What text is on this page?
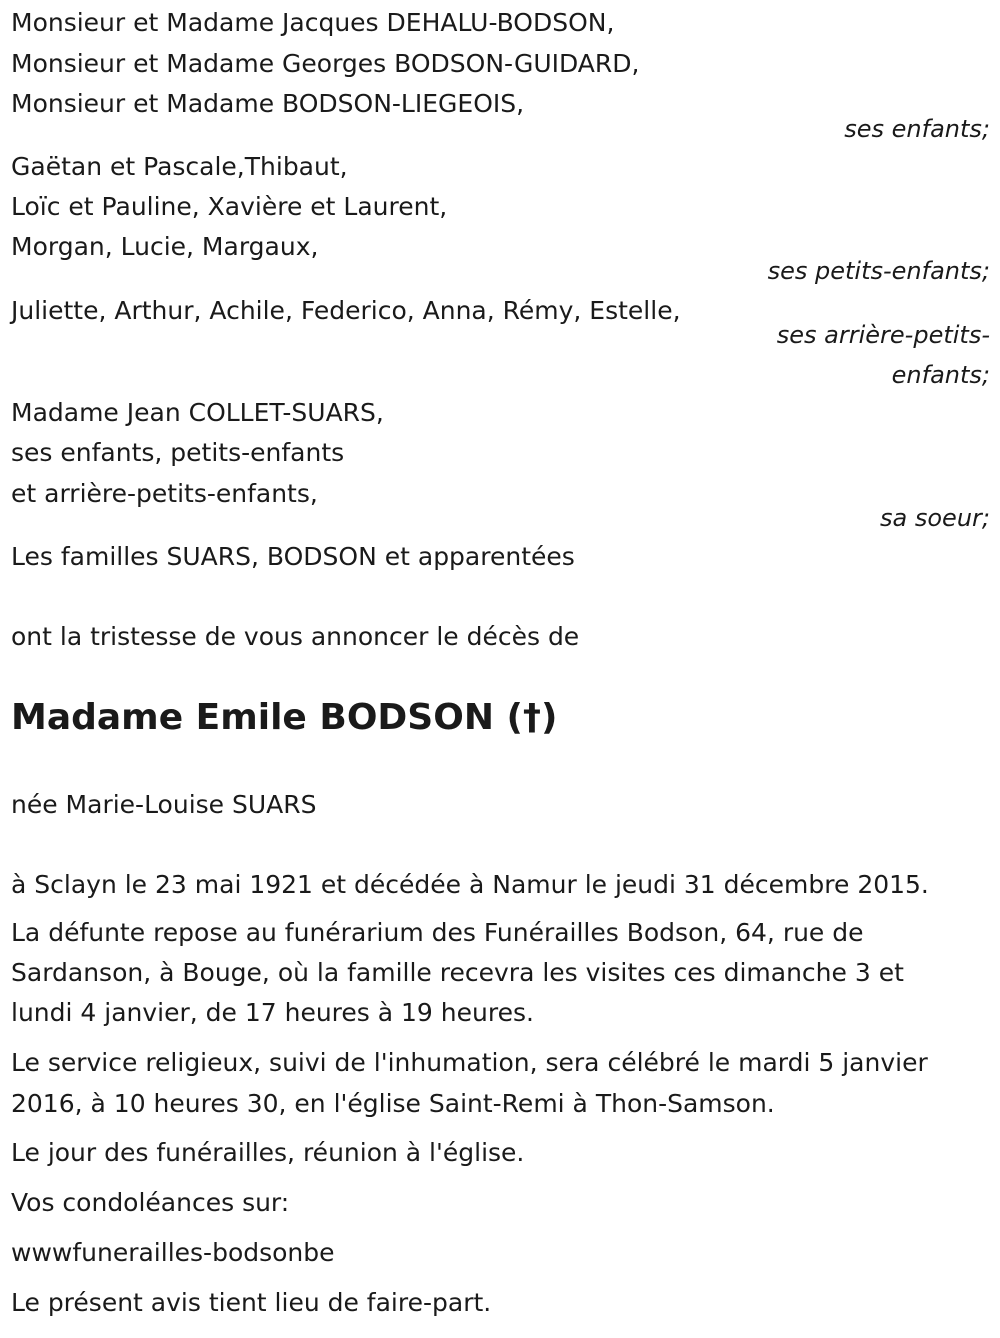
Monsieur et Madame Jacques DEHALU-BODSON,
Monsieur et Madame Georges BODSON-GUIDARD,
Monsieur et Madame BODSON-LIEGEOIS,
ses enfants;
Gaëtan et Pascale,Thibaut,
Loïc et Pauline, Xavière et Laurent,
Morgan, Lucie, Margaux,
ses petits-enfants;
Juliette, Arthur, Achile, Federico, Anna, Rémy, Estelle,
ses arrière-petits-
enfants;
Madame Jean COLLET-SUARS,
ses enfants, petits-enfants
et arrière-petits-enfants,
sa soeur;
Les familles SUARS, BODSON et apparentées
ont la tristesse de vous annoncer le décès de
Madame Emile BODSON (†)
née Marie-Louise SUARS
à Sclayn le 23 mai 1921 et décédée à Namur le jeudi 31 décembre 2015.
La défunte repose au funérarium des Funérailles Bodson, 64, rue de
Sardanson, à Bouge, où la famille recevra les visites ces dimanche 3 et
lundi 4 janvier, de 17 heures à 19 heures.
Le service religieux, suivi de l'inhumation, sera célébré le mardi 5 janvier
2016, à 10 heures 30, en l'église Saint-Remi à Thon-Samson.
Le jour des funérailles, réunion à l'église.
Vos condoléances sur:
wwwfunerailles-bodsonbe
Le présent avis tient lieu de faire-part.
